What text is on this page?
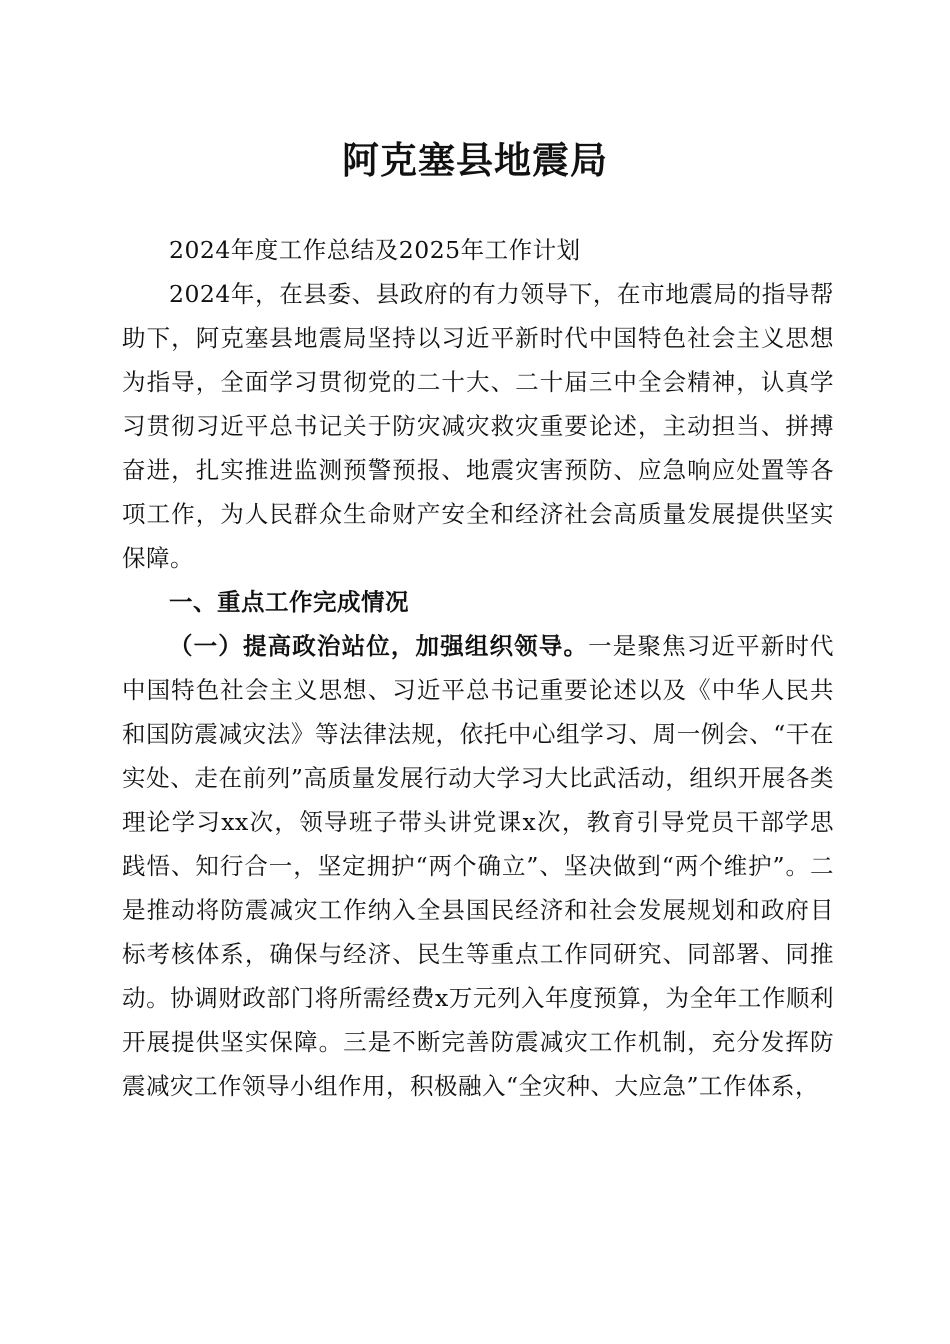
阿克塞县地震局

2024年度工作总结及2025年工作计划

2024年，在县委、县政府的有力领导下，在市地震局的指导帮助下，阿克塞县地震局坚持以习近平新时代中国特色社会主义思想为指导，全面学习贯彻党的二十大、二十届三中全会精神，认真学习贯彻习近平总书记关于防灾减灾救灾重要论述，主动担当、拼搏奋进，扎实推进监测预警预报、地震灾害预防、应急响应处置等各项工作，为人民群众生命财产安全和经济社会高质量发展提供坚实保障。

一、重点工作完成情况

（一）提高政治站位，加强组织领导。一是聚焦习近平新时代中国特色社会主义思想、习近平总书记重要论述以及《中华人民共和国防震减灾法》等法律法规，依托中心组学习、周一例会、“干在实处、走在前列”高质量发展行动大学习大比武活动，组织开展各类理论学习xx次，领导班子带头讲党课x次，教育引导党员干部学思践悟、知行合一，坚定拥护“两个确立”、坚决做到“两个维护”。二是推动将防震减灾工作纳入全县国民经济和社会发展规划和政府目标考核体系，确保与经济、民生等重点工作同研究、同部署、同推动。协调财政部门将所需经费x万元列入年度预算，为全年工作顺利开展提供坚实保障。三是不断完善防震减灾工作机制，充分发挥防震减灾工作领导小组作用，积极融入“全灾种、大应急”工作体系，
